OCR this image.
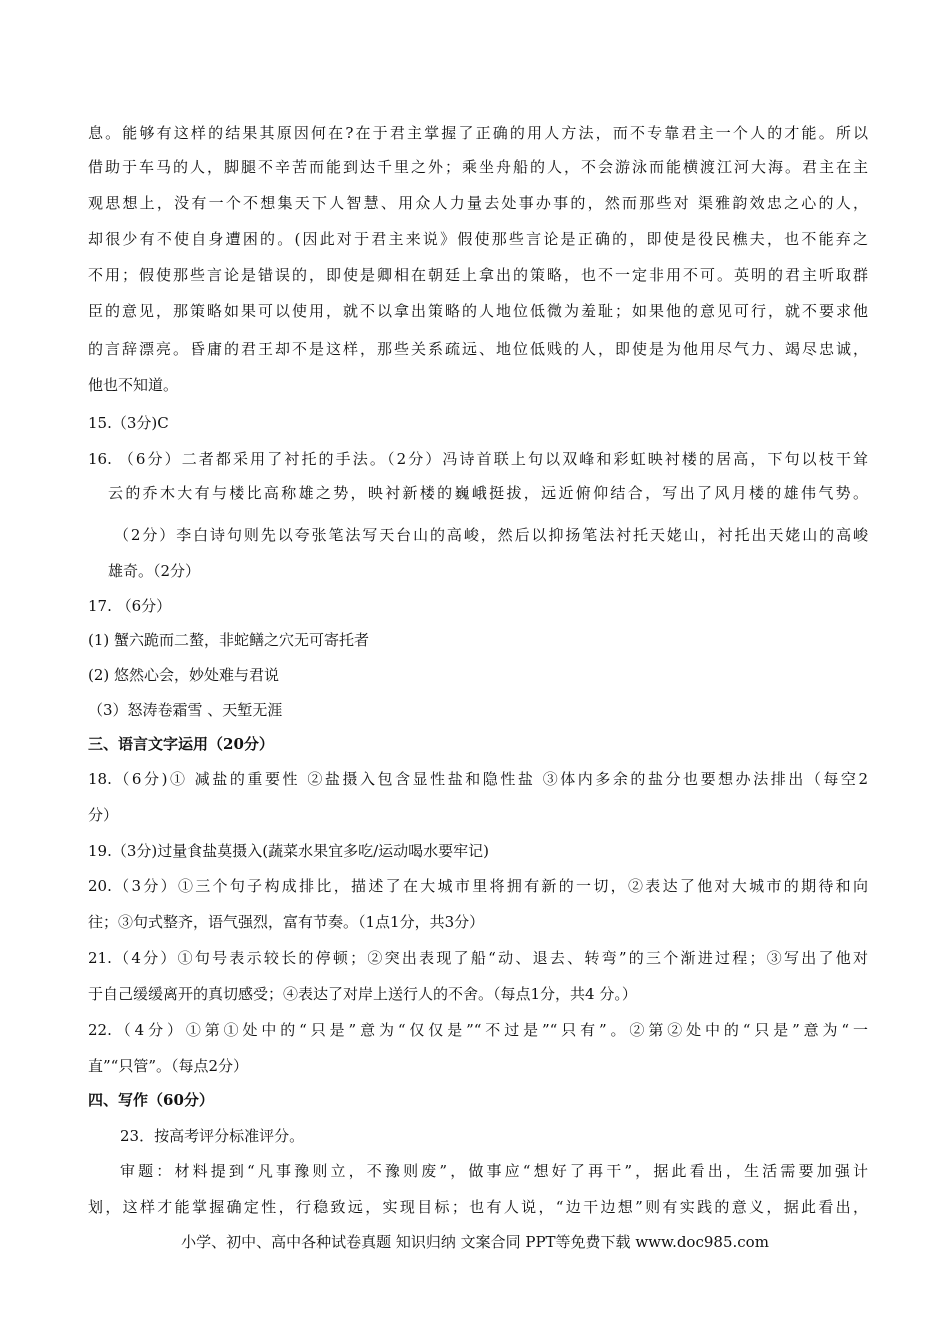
息。能够有这样的结果其原因何在?在于君主掌握了正确的用人方法，而不专靠君主一个人的才能。所以
借助于车马的人，脚腿不辛苦而能到达千里之外；乘坐舟船的人，不会游泳而能横渡江河大海。君主在主
观思想上，没有一个不想集天下人智慧、用众人力量去处事办事的，然而那些对 渠雅韵效忠之心的人，
却很少有不使自身遭困的。(因此对于君主来说》假使那些言论是正确的，即使是役民樵夫，也不能弃之
不用；假使那些言论是错误的，即使是卿相在朝廷上拿出的策略，也不一定非用不可。英明的君主听取群
臣的意见，那策略如果可以使用，就不以拿出策略的人地位低微为羞耻；如果他的意见可行，就不要求他
的言辞漂亮。昏庸的君王却不是这样，那些关系疏远、地位低贱的人，即使是为他用尽气力、竭尽忠诚，
他也不知道。
15.（3分)C
16. （6分）二者都采用了衬托的手法。（2分）冯诗首联上句以双峰和彩虹映衬楼的居高，下句以枝干耸
云的乔木大有与楼比高称雄之势，映衬新楼的巍峨挺拔，远近俯仰结合，写出了风月楼的雄伟气势。
（2分）李白诗句则先以夸张笔法写天台山的高峻，然后以抑扬笔法衬托天姥山，衬托出天姥山的高峻
雄奇。（2分）
17. （6分）
(1) 蟹六跪而二螯，非蛇鳝之穴无可寄托者
(2) 悠然心会，妙处难与君说
（3）怒涛卷霜雪 、天堑无涯
三、语言文字运用（20分）
18.（6分)① 减盐的重要性 ②盐摄入包含显性盐和隐性盐 ③体内多余的盐分也要想办法排出（每空2
分）
19.（3分)过量食盐莫摄入(蔬菜水果宜多吃/运动喝水要牢记)
20.（3分）①三个句子构成排比，描述了在大城市里将拥有新的一切，②表达了他对大城市的期待和向
往；③句式整齐，语气强烈，富有节奏。（1点1分，共3分）
21.（4分）①句号表示较长的停顿；②突出表现了船“动、退去、转弯”的三个渐进过程；③写出了他对
于自己缓缓离开的真切感受；④表达了对岸上送行人的不舍。（每点1分，共4 分。）
22.（4分）①第①处中的“只是”意为“仅仅是”“不过是”“只有”。②第②处中的“只是”意为“一
直”“只管”。（每点2分）
四、写作（60分）
23．按高考评分标准评分。
审题：材料提到“凡事豫则立，不豫则废”，做事应“想好了再干”，据此看出，生活需要加强计
划，这样才能掌握确定性，行稳致远，实现目标；也有人说，“边干边想”则有实践的意义，据此看出，
小学、初中、高中各种试卷真题 知识归纳 文案合同 PPT等免费下载 www.doc985.com
